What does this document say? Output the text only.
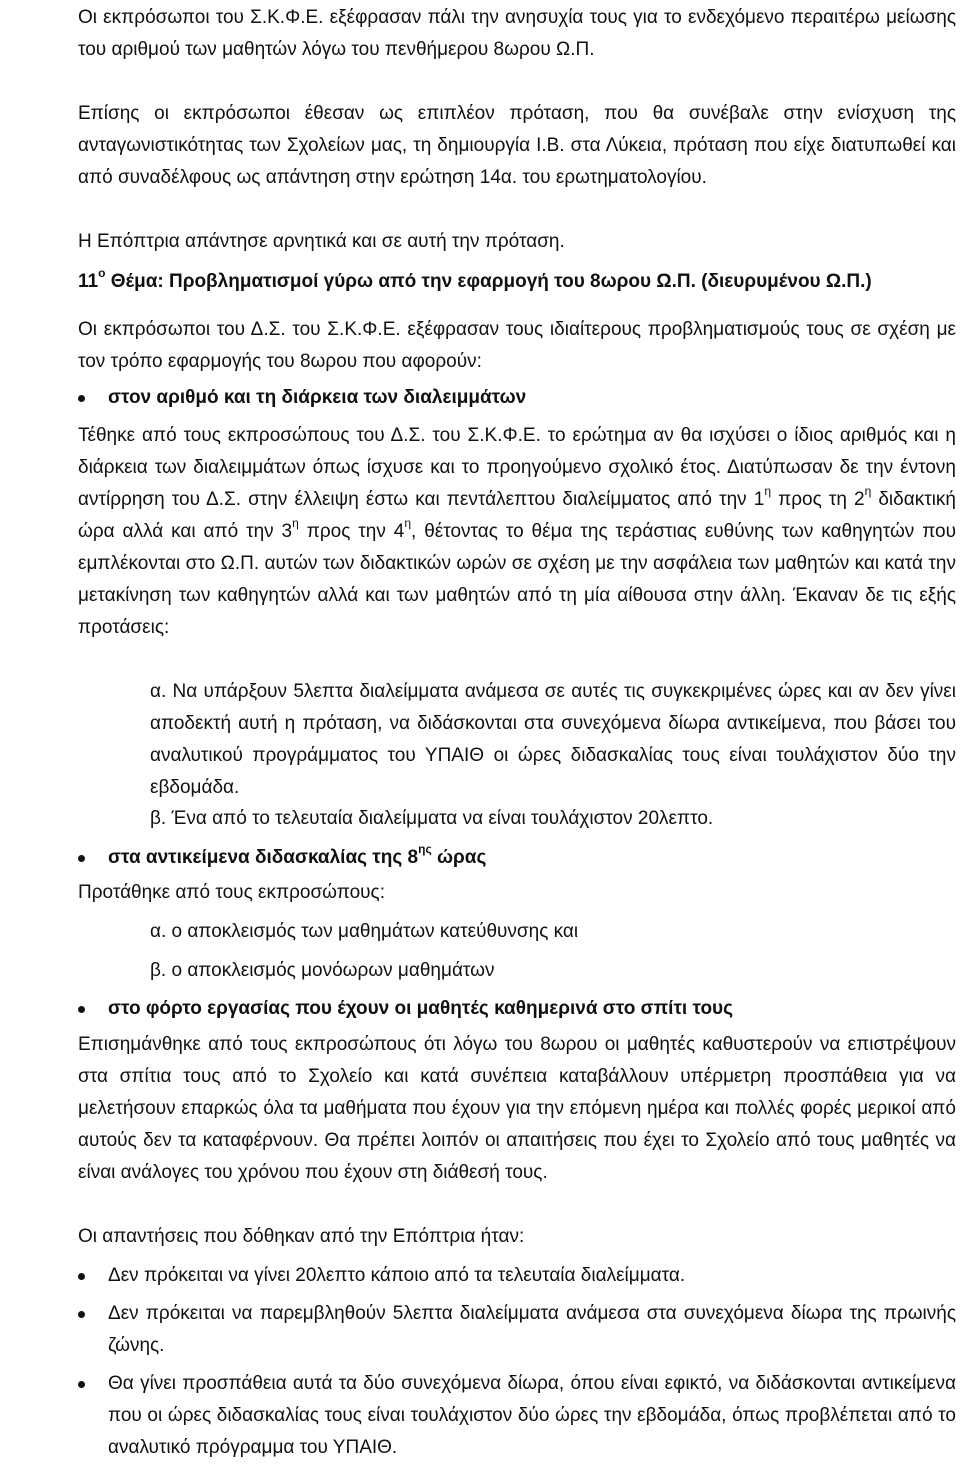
Οι εκπρόσωποι του Σ.Κ.Φ.Ε. εξέφρασαν πάλι την ανησυχία τους για το ενδεχόμενο περαιτέρω μείωσης του αριθμού των μαθητών λόγω του πενθήμερου 8ωρου Ω.Π.

Επίσης οι εκπρόσωποι έθεσαν ως επιπλέον πρόταση, που θα συνέβαλε στην ενίσχυση της ανταγωνιστικότητας των Σχολείων μας, τη δημιουργία Ι.Β. στα Λύκεια, πρόταση που είχε διατυπωθεί και από συναδέλφους ως απάντηση στην ερώτηση 14α. του ερωτηματολογίου.

Η Επόπτρια απάντησε αρνητικά και σε αυτή την πρόταση.

$11^o$ Θέμα: Προβληματισμοί γύρω από την εφαρμογή του 8ωρου Ω.Π. (διευρυμένου Ω.Π.)

Οι εκπρόσωποι του Δ.Σ. του Σ.Κ.Φ.Ε. εξέφρασαν τους ιδιαίτερους προβληματισμούς τους σε σχέση με τον τρόπο εφαρμογής του 8ωρου που αφορούν:

στον αριθμό και τη διάρκεια των διαλειμμάτων

Τέθηκε από τους εκπροσώπους του Δ.Σ. του Σ.Κ.Φ.Ε. το ερώτημα αν θα ισχύσει ο ίδιος αριθμός και η διάρκεια των διαλειμμάτων όπως ίσχυσε και το προηγούμενο σχολικό έτος. Διατύπωσαν δε την έντονη αντίρρηση του Δ.Σ. στην έλλειψη έστω και πεντάλεπτου διαλείμματος από την $1^\eta$ προς τη $2^\eta$ διδακτική ώρα αλλά και από την $3^\eta$ προς την $4^\eta$, θέτοντας το θέμα της τεράστιας ευθύνης των καθηγητών που εμπλέκονται στο Ω.Π. αυτών των διδακτικών ωρών σε σχέση με την ασφάλεια των μαθητών και κατά την μετακίνηση των καθηγητών αλλά και των μαθητών από τη μία αίθουσα στην άλλη. Έκαναν δε τις εξής προτάσεις:

α. Να υπάρξουν 5λεπτα διαλείμματα ανάμεσα σε αυτές τις συγκεκριμένες ώρες και αν δεν γίνει αποδεκτή αυτή η πρόταση, να διδάσκονται στα συνεχόμενα δίωρα αντικείμενα, που βάσει του αναλυτικού προγράμματος του ΥΠΑΙΘ οι ώρες διδασκαλίας τους είναι τουλάχιστον δύο την εβδομάδα.

β. Ένα από το τελευταία διαλείμματα να είναι τουλάχιστον 20λεπτο.

στα αντικείμενα διδασκαλίας της $8^{\eta\varsigma}$ ώρας

Προτάθηκε από τους εκπροσώπους:

α. ο αποκλεισμός των μαθημάτων κατεύθυνσης και

β. ο αποκλεισμός μονόωρων μαθημάτων

στο φόρτο εργασίας που έχουν οι μαθητές καθημερινά στο σπίτι τους

Επισημάνθηκε από τους εκπροσώπους ότι λόγω του 8ωρου οι μαθητές καθυστερούν να επιστρέψουν στα σπίτια τους από το Σχολείο και κατά συνέπεια καταβάλλουν υπέρμετρη προσπάθεια για να μελετήσουν επαρκώς όλα τα μαθήματα που έχουν για την επόμενη ημέρα και πολλές φορές μερικοί από αυτούς δεν τα καταφέρνουν. Θα πρέπει λοιπόν οι απαιτήσεις που έχει το Σχολείο από τους μαθητές να είναι ανάλογες του χρόνου που έχουν στη διάθεσή τους.

Οι απαντήσεις που δόθηκαν από την Επόπτρια ήταν:

Δεν πρόκειται να γίνει 20λεπτο κάποιο από τα τελευταία διαλείμματα.

Δεν πρόκειται να παρεμβληθούν 5λεπτα διαλείμματα ανάμεσα στα συνεχόμενα δίωρα της πρωινής ζώνης.

Θα γίνει προσπάθεια αυτά τα δύο συνεχόμενα δίωρα, όπου είναι εφικτό, να διδάσκονται αντικείμενα που οι ώρες διδασκαλίας τους είναι τουλάχιστον δύο ώρες την εβδομάδα, όπως προβλέπεται από το αναλυτικό πρόγραμμα του ΥΠΑΙΘ.
